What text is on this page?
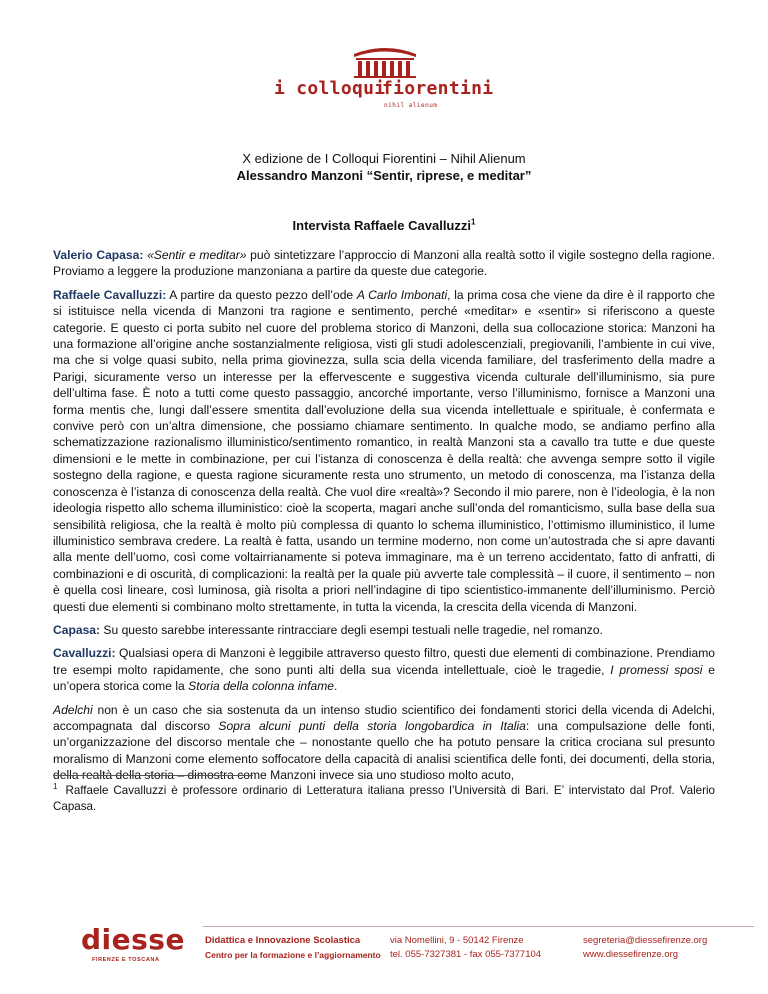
i colloqui
fiorentini
nihil alienum
X edizione de I Colloqui Fiorentini – Nihil Alienum
Alessandro Manzoni “Sentir, riprese, e meditar”
Intervista Raffaele Cavalluzzi$^1$

Valerio Capasa: «Sentir e meditar» può sintetizzare l’approccio di Manzoni alla realtà sotto il vigile sostegno della ragione. Proviamo a leggere la produzione manzoniana a partire da queste due categorie.

Raffaele Cavalluzzi: A partire da questo pezzo dell’ode A Carlo Imbonati, la prima cosa che viene da dire è il rapporto che si istituisce nella vicenda di Manzoni tra ragione e sentimento, perché «meditar» e «sentir» si riferiscono a queste categorie. E questo ci porta subito nel cuore del problema storico di Manzoni, della sua collocazione storica: Manzoni ha una formazione all’origine anche sostanzialmente religiosa, visti gli studi adolescenziali, pregiovanili, l’ambiente in cui vive, ma che si volge quasi subito, nella prima giovinezza, sulla scia della vicenda familiare, del trasferimento della madre a Parigi, sicuramente verso un interesse per la effervescente e suggestiva vicenda culturale dell’illuminismo, sia pure dell’ultima fase. È noto a tutti come questo passaggio, ancorché importante, verso l’illuminismo, fornisce a Manzoni una forma mentis che, lungi dall’essere smentita dall’evoluzione della sua vicenda intellettuale e spirituale, è confermata e convive però con un’altra dimensione, che possiamo chiamare sentimento. In qualche modo, se andiamo perfino alla schematizzazione razionalismo illuministico/sentimento romantico, in realtà Manzoni sta a cavallo tra tutte e due queste dimensioni e le mette in combinazione, per cui l’istanza di conoscenza è della realtà: che avvenga sempre sotto il vigile sostegno della ragione, e questa ragione sicuramente resta uno strumento, un metodo di conoscenza, ma l’istanza della conoscenza è l’istanza di conoscenza della realtà. Che vuol dire «realtà»? Secondo il mio parere, non è l’ideologia, è la non ideologia rispetto allo schema illuministico: cioè la scoperta, magari anche sull’onda del romanticismo, sulla base della sua sensibilità religiosa, che la realtà è molto più complessa di quanto lo schema illuministico, l’ottimismo illuministico, il lume illuministico sembrava credere. La realtà è fatta, usando un termine moderno, non come un’autostrada che si apre davanti alla mente dell’uomo, così come voltairrianamente si poteva immaginare, ma è un terreno accidentato, fatto di anfratti, di combinazioni e di oscurità, di complicazioni: la realtà per la quale più avverte tale complessità – il cuore, il sentimento – non è quella così lineare, così luminosa, già risolta a priori nell’indagine di tipo scientistico-immanente dell’illuminismo. Perciò questi due elementi si combinano molto strettamente, in tutta la vicenda, la crescita della vicenda di Manzoni.

Capasa: Su questo sarebbe interessante rintracciare degli esempi testuali nelle tragedie, nel romanzo.

Cavalluzzi: Qualsiasi opera di Manzoni è leggibile attraverso questo filtro, questi due elementi di combinazione. Prendiamo tre esempi molto rapidamente, che sono punti alti della sua vicenda intellettuale, cioè le tragedie, I promessi sposi e un’opera storica come la Storia della colonna infame.

Adelchi non è un caso che sia sostenuta da un intenso studio scientifico dei fondamenti storici della vicenda di Adelchi, accompagnata dal discorso Sopra alcuni punti della storia longobardica in Italia: una compulsazione delle fonti, un’organizzazione del discorso mentale che – nonostante quello che ha potuto pensare la critica crociana sul presunto moralismo di Manzoni come elemento soffocatore della capacità di analisi scientifica delle fonti, dei documenti, della storia, della realtà della storia – dimostra come Manzoni invece sia uno studioso molto acuto,

$^1$ Raffaele Cavalluzzi è professore ordinario di Letteratura italiana presso l’Università di Bari. E’ intervistato dal Prof. Valerio Capasa.
diesse
FIRENZE E TOSCANA
Didattica e Innovazione Scolastica
Centro per la formazione e l’aggiornamento
via Nomellini, 9 - 50142 Firenze
tel. 055-7327381 - fax 055-7377104
segreteria@diessefirenze.org
www.diessefirenze.org
